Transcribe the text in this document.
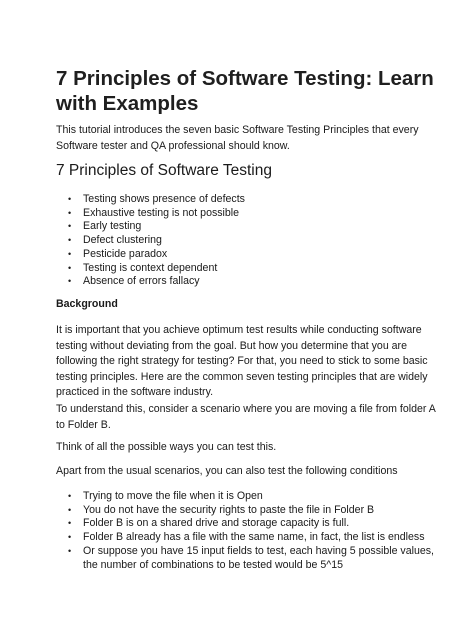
7 Principles of Software Testing: Learn with Examples

This tutorial introduces the seven basic Software Testing Principles that every Software tester and QA professional should know.

7 Principles of Software Testing
• Testing shows presence of defects
• Exhaustive testing is not possible
• Early testing
• Defect clustering
• Pesticide paradox
• Testing is context dependent
• Absence of errors fallacy

Background

It is important that you achieve optimum test results while conducting software testing without deviating from the goal. But how you determine that you are following the right strategy for testing? For that, you need to stick to some basic testing principles. Here are the common seven testing principles that are widely practiced in the software industry.

To understand this, consider a scenario where you are moving a file from folder A to Folder B.

Think of all the possible ways you can test this.

Apart from the usual scenarios, you can also test the following conditions

• Trying to move the file when it is Open
• You do not have the security rights to paste the file in Folder B
• Folder B is on a shared drive and storage capacity is full.
• Folder B already has a file with the same name, in fact, the list is endless
• Or suppose you have 15 input fields to test, each having 5 possible values, the number of combinations to be tested would be 5^15
